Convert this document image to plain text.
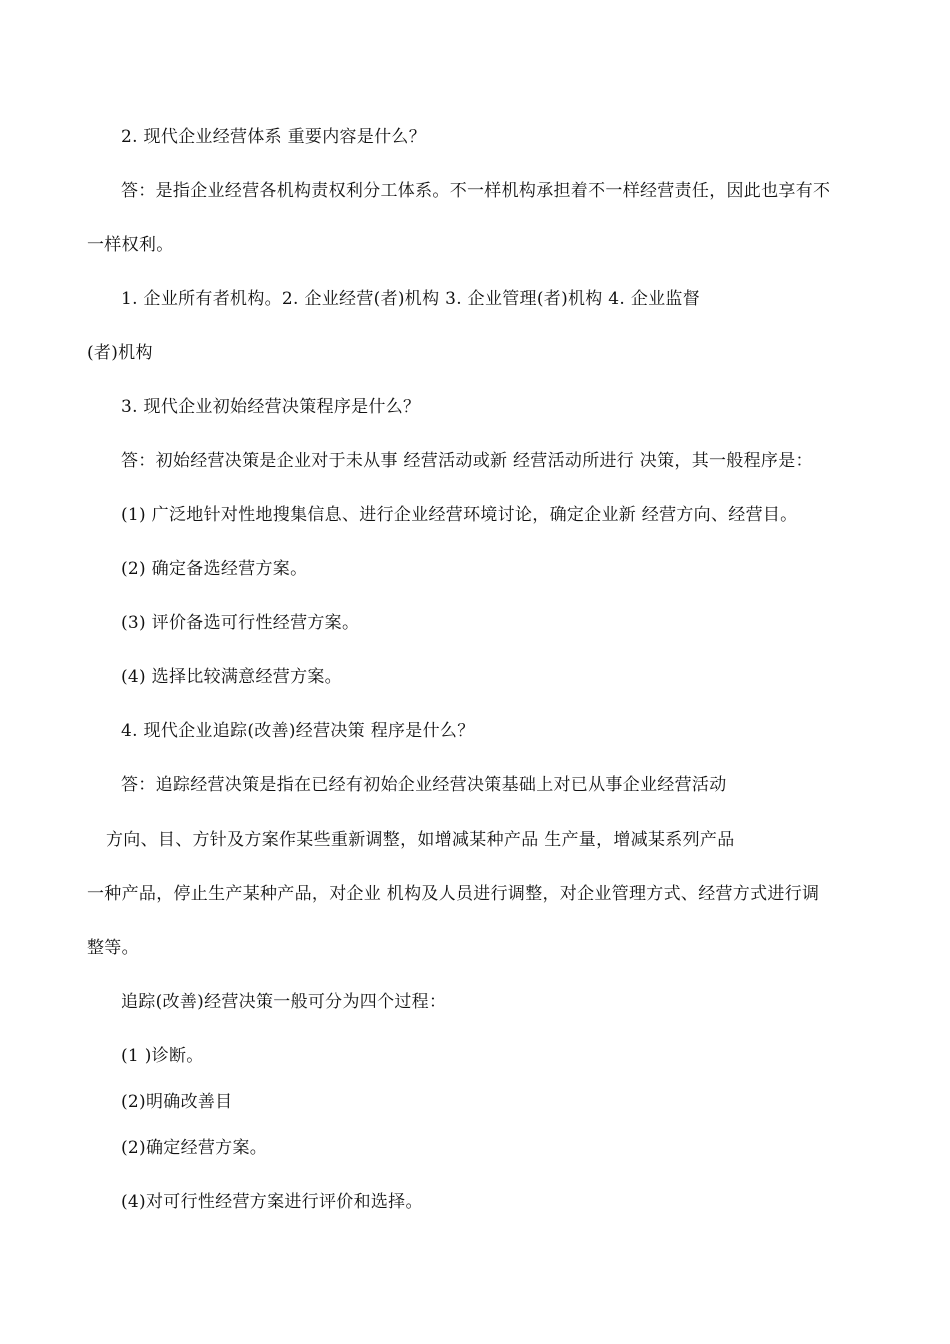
2. 现代企业经营体系 重要内容是什么？
答：是指企业经营各机构责权利分工体系。不一样机构承担着不一样经营责任，因此也享有不
一样权利。
1. 企业所有者机构。2. 企业经营(者)机构 3. 企业管理(者)机构 4. 企业监督
(者)机构
3. 现代企业初始经营决策程序是什么？
答：初始经营决策是企业对于未从事 经营活动或新 经营活动所进行 决策，其一般程序是：
(1) 广泛地针对性地搜集信息、进行企业经营环境讨论，确定企业新 经营方向、经营目。
(2) 确定备选经营方案。
(3) 评价备选可行性经营方案。
(4) 选择比较满意经营方案。
4. 现代企业追踪(改善)经营决策 程序是什么？
答：追踪经营决策是指在已经有初始企业经营决策基础上对已从事企业经营活动
方向、目、方针及方案作某些重新调整，如增减某种产品 生产量，增减某系列产品
一种产品，停止生产某种产品，对企业 机构及人员进行调整，对企业管理方式、经营方式进行调
整等。
追踪(改善)经营决策一般可分为四个过程：
(1 )诊断。
(2)明确改善目
(2)确定经营方案。
(4)对可行性经营方案进行评价和选择。
